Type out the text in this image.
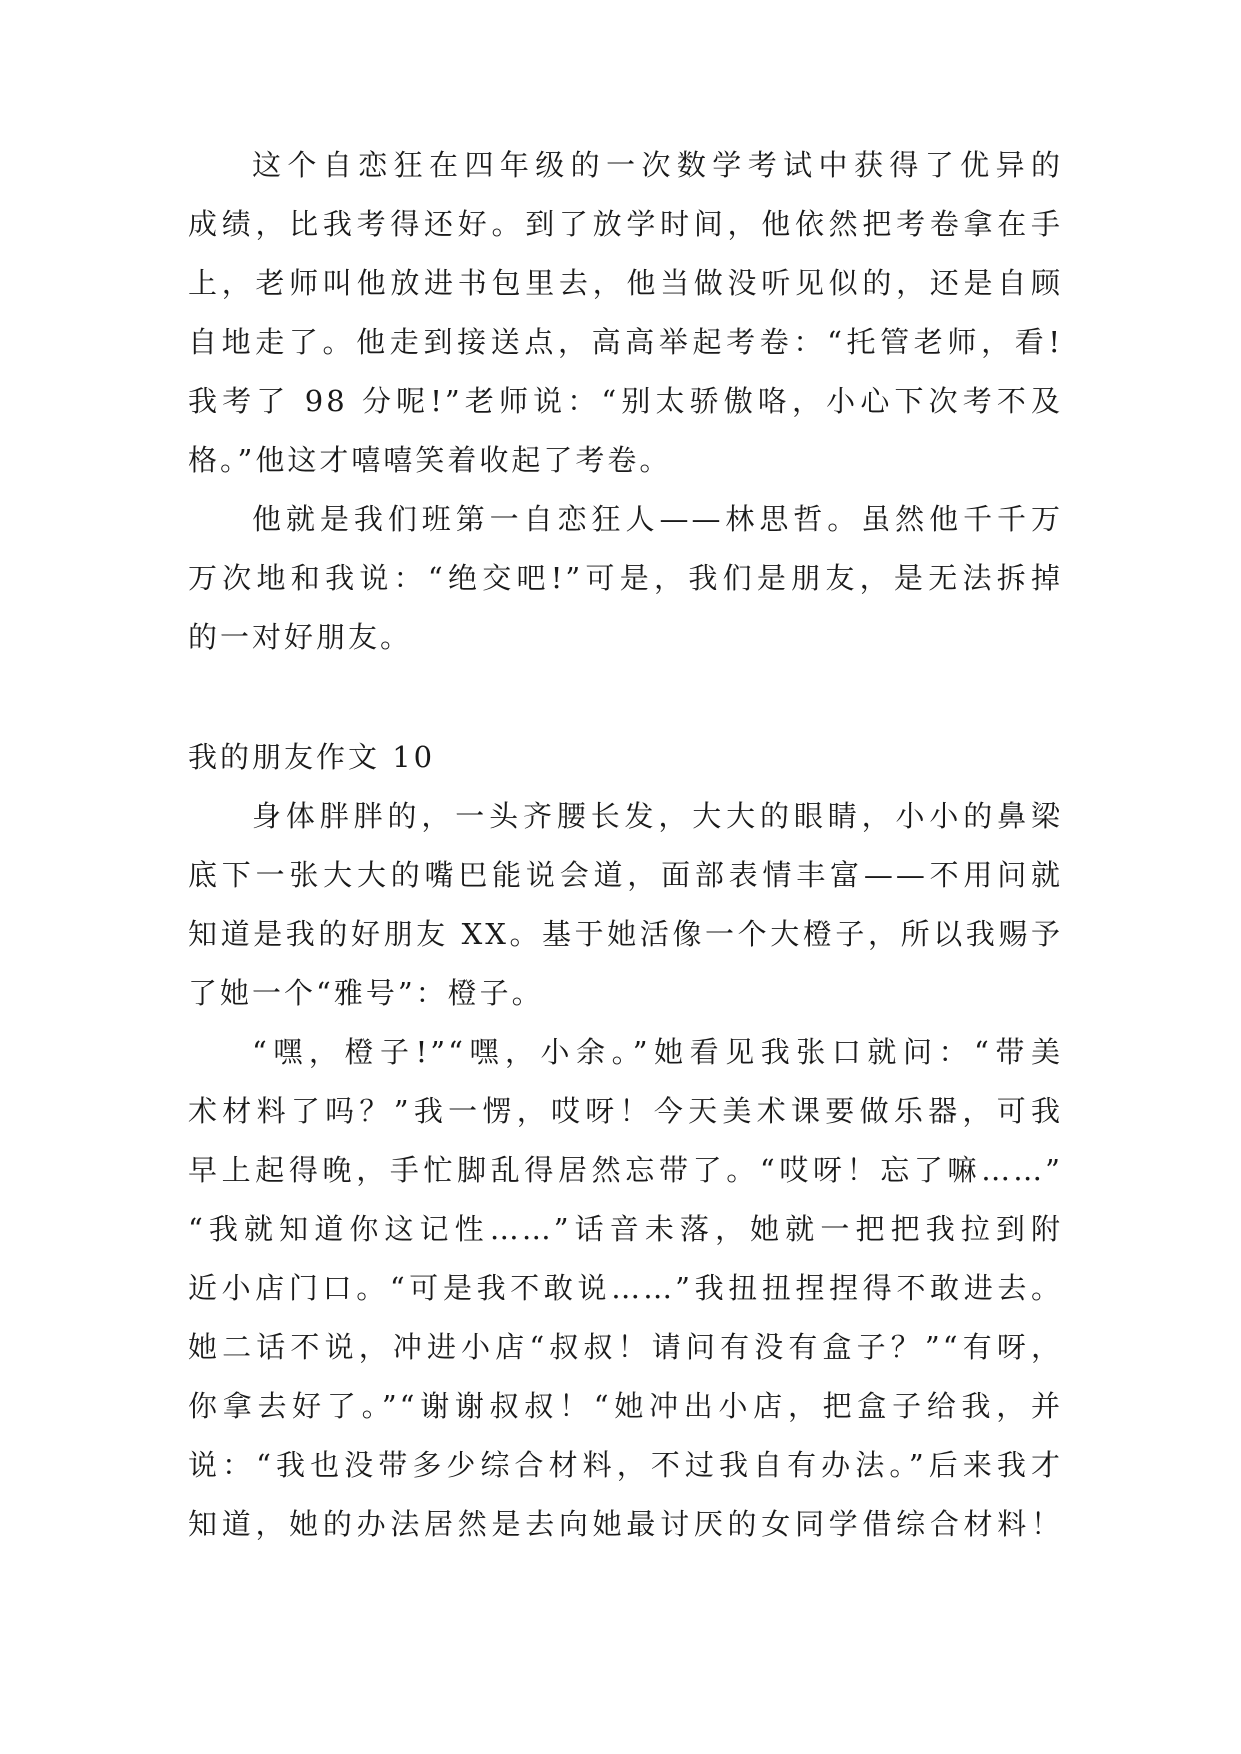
这个自恋狂在四年级的一次数学考试中获得了优异的
成绩，比我考得还好。到了放学时间，他依然把考卷拿在手
上，老师叫他放进书包里去，他当做没听见似的，还是自顾
自地走了。他走到接送点，高高举起考卷：“托管老师，看!
我考了 98 分呢!”老师说：“别太骄傲咯，小心下次考不及
格。”他这才嘻嘻笑着收起了考卷。
他就是我们班第一自恋狂人——林思哲。虽然他千千万
万次地和我说：“绝交吧!”可是，我们是朋友，是无法拆掉
的一对好朋友。
我的朋友作文 10
身体胖胖的，一头齐腰长发，大大的眼睛，小小的鼻梁
底下一张大大的嘴巴能说会道，面部表情丰富——不用问就
知道是我的好朋友 XX。基于她活像一个大橙子，所以我赐予
了她一个“雅号”：橙子。
“嘿，橙子!”“嘿，小余。”她看见我张口就问：“带美
术材料了吗？”我一愣，哎呀！今天美术课要做乐器，可我
早上起得晚，手忙脚乱得居然忘带了。“哎呀！忘了嘛……”
“我就知道你这记性……”话音未落，她就一把把我拉到附
近小店门口。“可是我不敢说……”我扭扭捏捏得不敢进去。
她二话不说，冲进小店“叔叔！请问有没有盒子？”“有呀，
你拿去好了。”“谢谢叔叔！“她冲出小店，把盒子给我，并
说：“我也没带多少综合材料，不过我自有办法。”后来我才
知道，她的办法居然是去向她最讨厌的女同学借综合材料！
